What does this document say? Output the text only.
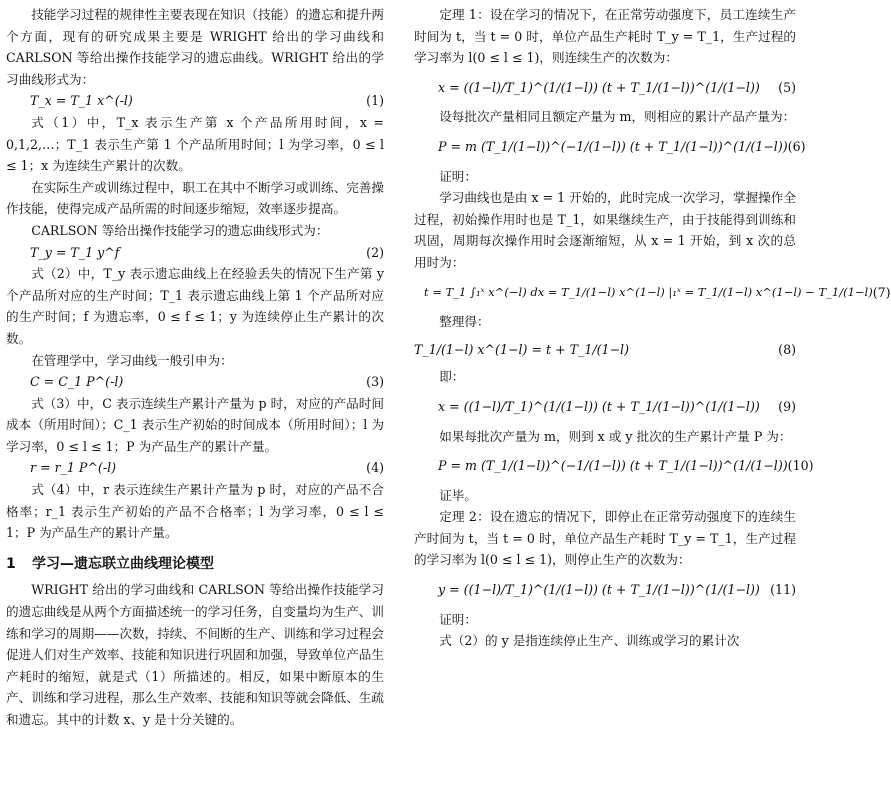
技能学习过程的规律性主要表现在知识（技能）的遗忘和提升两个方面，现有的研究成果主要是 WRIGHT 给出的学习曲线和 CARLSON 等给出操作技能学习的遗忘曲线。WRIGHT 给出的学习曲线形式为：

T_x = T_1 x^(-l)	(1)

式（1）中，T_x 表示生产第 x 个产品所用时间，x = 0,1,2,…；T_1 表示生产第 1 个产品所用时间；l 为学习率，0 ≤ l ≤ 1；x 为连续生产累计的次数。

在实际生产或训练过程中，职工在其中不断学习或训练、完善操作技能，使得完成产品所需的时间逐步缩短，效率逐步提高。

CARLSON 等给出操作技能学习的遗忘曲线形式为：

T_y = T_1 y^f	(2)

式（2）中，T_y 表示遗忘曲线上在经验丢失的情况下生产第 y 个产品所对应的生产时间；T_1 表示遗忘曲线上第 1 个产品所对应的生产时间；f 为遗忘率，0 ≤ f ≤ 1；y 为连续停止生产累计的次数。

在管理学中，学习曲线一般引申为：

C = C_1 P^(-l)	(3)

式（3）中，C 表示连续生产累计产量为 p 时，对应的产品时间成本（所用时间）；C_1 表示生产初始的时间成本（所用时间）；l 为学习率，0 ≤ l ≤ 1；P 为产品生产的累计产量。

r = r_1 P^(-l)	(4)

式（4）中，r 表示连续生产累计产量为 p 时，对应的产品不合格率；r_1 表示生产初始的产品不合格率；l 为学习率，0 ≤ l ≤ 1；P 为产品生产的累计产量。

1 学习—遗忘联立曲线理论模型

WRIGHT 给出的学习曲线和 CARLSON 等给出操作技能学习的遗忘曲线是从两个方面描述统一的学习任务，自变量均为生产、训练和学习的周期——次数，持续、不间断的生产、训练和学习过程会促进人们对生产效率、技能和知识进行巩固和加强，导致单位产品生产耗时的缩短，就是式（1）所描述的。相反，如果中断原本的生产、训练和学习进程，那么生产效率、技能和知识等就会降低、生疏和遗忘。其中的计数 x、y 是十分关键的。

定理 1：设在学习的情况下，在正常劳动强度下，员工连续生产时间为 t，当 t = 0 时，单位产品生产耗时 T_y = T_1，生产过程的学习率为 l(0 ≤ l ≤ 1)，则连续生产的次数为：

x = ((1−l)/T_1)^(1/(1−l)) (t + T_1/(1−l))^(1/(1−l)) (5)

设每批次产量相同且额定产量为 m，则相应的累计产品产量为：

P = m (T_1/(1−l))^(−1/(1−l)) (t + T_1/(1−l))^(1/(1−l)) (6)

证明：

学习曲线也是由 x = 1 开始的，此时完成一次学习，掌握操作全过程，初始操作用时也是 T_1，如果继续生产，由于技能得到训练和巩固，周期每次操作用时会逐渐缩短，从 x = 1 开始，到 x 次的总用时为：

t = T_1 ∫₁ˣ x^(−l) dx = T_1/(1−l) x^(1−l) |₁ˣ = T_1/(1−l) x^(1−l) − T_1/(1−l) (7)

整理得：

T_1/(1−l) x^(1−l) = t + T_1/(1−l)	(8)

即：

x = ((1−l)/T_1)^(1/(1−l)) (t + T_1/(1−l))^(1/(1−l)) (9)

如果每批次产量为 m，则到 x 或 y 批次的生产累计产量 P 为：

P = m (T_1/(1−l))^(−1/(1−l)) (t + T_1/(1−l))^(1/(1−l)) (10)

证毕。

定理 2：设在遗忘的情况下，即停止在正常劳动强度下的连续生产时间为 t，当 t = 0 时，单位产品生产耗时 T_y = T_1，生产过程的学习率为 l(0 ≤ l ≤ 1)，则停止生产的次数为：

y = ((1−l)/T_1)^(1/(1−l)) (t + T_1/(1−l))^(1/(1−l)) (11)

证明：

式（2）的 y 是指连续停止生产、训练或学习的累计次
